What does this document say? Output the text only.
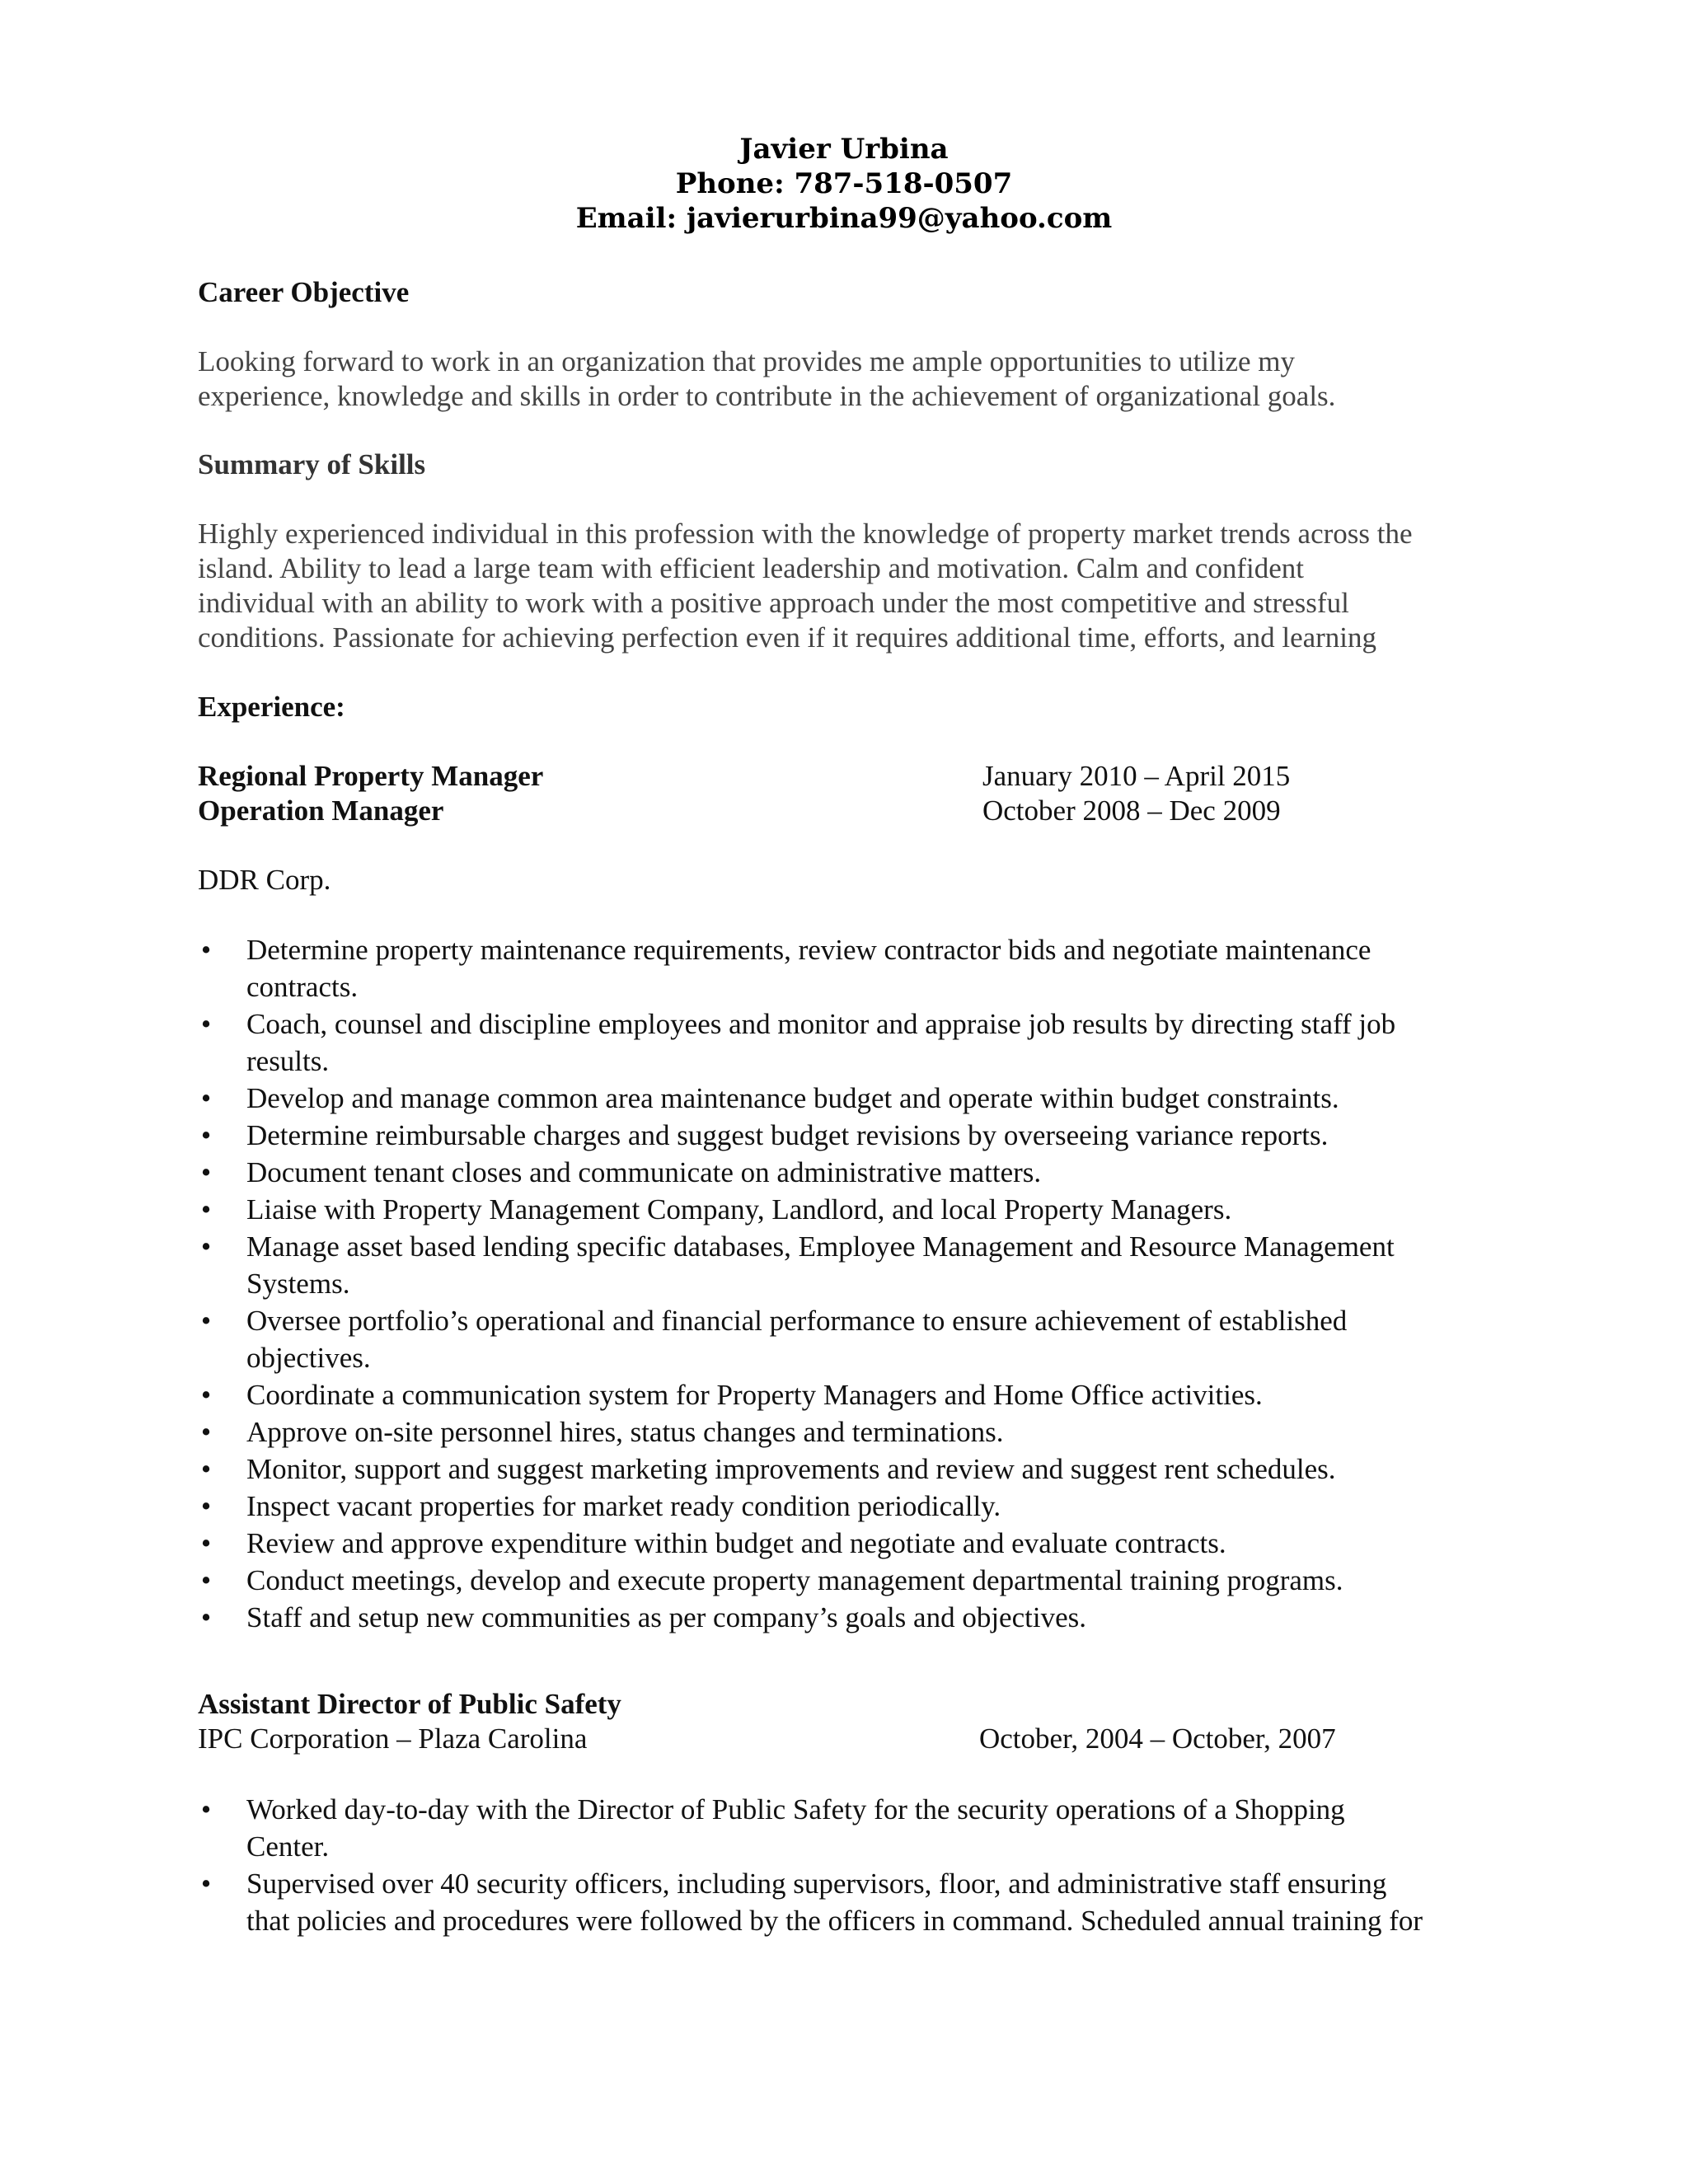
Javier Urbina
Phone: 787-518-0507
Email: javierurbina99@yahoo.com
Career Objective
Looking forward to work in an organization that provides me ample opportunities to utilize my
experience, knowledge and skills in order to contribute in the achievement of organizational goals.
Summary of Skills
Highly experienced individual in this profession with the knowledge of property market trends across the
island. Ability to lead a large team with efficient leadership and motivation. Calm and confident
individual with an ability to work with a positive approach under the most competitive and stressful
conditions. Passionate for achieving perfection even if it requires additional time, efforts, and learning
Experience:
Regional Property Manager	January 2010 – April 2015
Operation Manager	October 2008 – Dec 2009
DDR Corp.
• Determine property maintenance requirements, review contractor bids and negotiate maintenance
contracts.
• Coach, counsel and discipline employees and monitor and appraise job results by directing staff job
results.
• Develop and manage common area maintenance budget and operate within budget constraints.
• Determine reimbursable charges and suggest budget revisions by overseeing variance reports.
• Document tenant closes and communicate on administrative matters.
• Liaise with Property Management Company, Landlord, and local Property Managers.
• Manage asset based lending specific databases, Employee Management and Resource Management
Systems.
• Oversee portfolio’s operational and financial performance to ensure achievement of established
objectives.
• Coordinate a communication system for Property Managers and Home Office activities.
• Approve on-site personnel hires, status changes and terminations.
• Monitor, support and suggest marketing improvements and review and suggest rent schedules.
• Inspect vacant properties for market ready condition periodically.
• Review and approve expenditure within budget and negotiate and evaluate contracts.
• Conduct meetings, develop and execute property management departmental training programs.
• Staff and setup new communities as per company’s goals and objectives.
Assistant Director of Public Safety
IPC Corporation – Plaza Carolina	October, 2004 – October, 2007
• Worked day-to-day with the Director of Public Safety for the security operations of a Shopping
Center.
• Supervised over 40 security officers, including supervisors, floor, and administrative staff ensuring
that policies and procedures were followed by the officers in command. Scheduled annual training for
